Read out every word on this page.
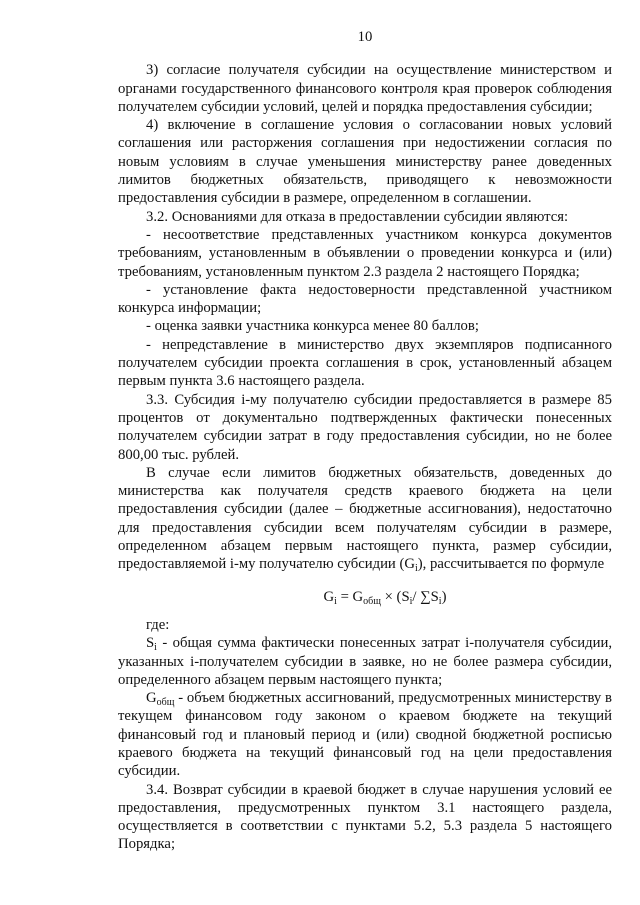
10

3) согласие получателя субсидии на осуществление министерством и органами государственного финансового контроля края проверок соблюдения получателем субсидии условий, целей и порядка предоставления субсидии;

4) включение в соглашение условия о согласовании новых условий соглашения или расторжения соглашения при недостижении согласия по новым условиям в случае уменьшения министерству ранее доведенных лимитов бюджетных обязательств, приводящего к невозможности предоставления субсидии в размере, определенном в соглашении.

3.2. Основаниями для отказа в предоставлении субсидии являются:

- несоответствие представленных участником конкурса документов требованиям, установленным в объявлении о проведении конкурса и (или) требованиям, установленным пунктом 2.3 раздела 2 настоящего Порядка;

- установление факта недостоверности представленной участником конкурса информации;

- оценка заявки участника конкурса менее 80 баллов;

- непредставление в министерство двух экземпляров подписанного получателем субсидии проекта соглашения в срок, установленный абзацем первым пункта 3.6 настоящего раздела.

3.3. Субсидия i-му получателю субсидии предоставляется в размере 85 процентов от документально подтвержденных фактически понесенных получателем субсидии затрат в году предоставления субсидии, но не более 800,00 тыс. рублей.

В случае если лимитов бюджетных обязательств, доведенных до министерства как получателя средств краевого бюджета на цели предоставления субсидии (далее – бюджетные ассигнования), недостаточно для предоставления субсидии всем получателям субсидии в размере, определенном абзацем первым настоящего пункта, размер субсидии, предоставляемой i-му получателю субсидии $(G_i)$, рассчитывается по формуле

$G_i = G_{общ} \times (S_i/$ $\sum S_i$)

где:

$S_i$ - общая сумма фактически понесенных затрат i-получателя субсидии, указанных i-получателем субсидии в заявке, но не более размера субсидии, определенного абзацем первым настоящего пункта;

$G_{общ}$ - объем бюджетных ассигнований, предусмотренных министерству в текущем финансовом году законом о краевом бюджете на текущий финансовый год и плановый период и (или) сводной бюджетной росписью краевого бюджета на текущий финансовый год на цели предоставления субсидии.

3.4. Возврат субсидии в краевой бюджет в случае нарушения условий ее предоставления, предусмотренных пунктом 3.1 настоящего раздела, осуществляется в соответствии с пунктами 5.2, 5.3 раздела 5 настоящего Порядка;
